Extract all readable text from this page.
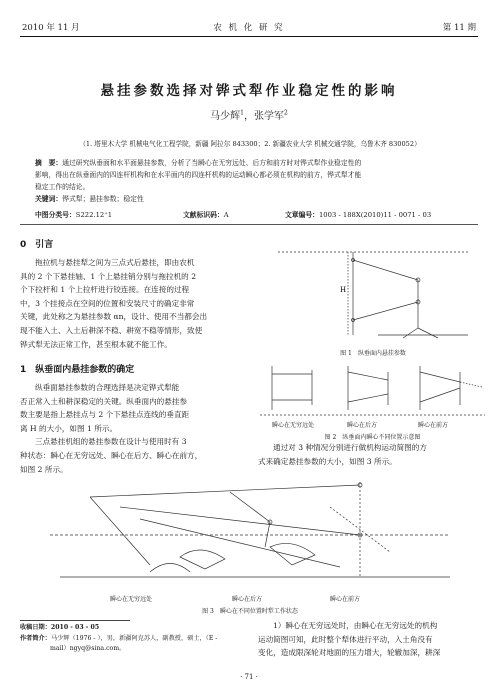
2010 年 11 月	农 机 化 研 究	第 11 期
悬挂参数选择对铧式犁作业稳定性的影响
马少辉$^1$，张学军$^2$
（1. 塔里木大学 机械电气化工程学院，新疆 阿拉尔 843300；2. 新疆农业大学 机械交通学院，乌鲁木齐 830052）
摘　要：通过研究纵垂面和水平面悬挂参数，分析了当瞬心在无穷远处、后方和前方时对铧式犁作业稳定性的
影响，得出在纵垂面内的四连杆机构和在水平面内的四连杆机构的运动瞬心都必须在机构的前方，铧式犁才能
稳定工作的结论。
关键词：铧式犁；悬挂参数；稳定性
中图分类号：S222.12⁺1	文献标识码：A	文章编号：1003 - 188X(2010)11 - 0071 - 03
0　引言
拖拉机与悬挂犁之间为三点式后悬挂，即由农机
具的 2 个下悬挂轴、1 个上悬挂销分别与拖拉机的 2
个下拉杆和 1 个上拉杆进行铰连接。在连接的过程
中，3 个挂接点在空间的位置和安装尺寸的确定非常
关键，此处称之为悬挂参数 αn，设计、使用不当都会出
现不能入土、入土后耕深不稳、耕宽不稳等情形，致使
铧式犁无法正常工作，甚至根本就不能工作。
1　纵垂面内悬挂参数的确定
纵垂面悬挂参数的合理选择是决定铧式犁能
否正常入土和耕深稳定的关键。纵垂面内的悬挂参
数主要是指上悬挂点与 2 个下悬挂点连线的垂直距
离 H 的大小，如图 1 所示。
三点悬挂机组的悬挂参数在设计与使用时有 3
种状态：瞬心在无穷远处、瞬心在后方、瞬心在前方，
如图 2 所示。
H
图 1　纵垂面内悬挂参数
瞬心在无穷远处	瞬心在后方	瞬心在前方
图 2　纵垂面内瞬心不同位置示意图
通过对 3 种情况分别进行做机构运动简图的方
式来确定悬挂参数的大小，如图 3 所示。
瞬心在无穷远处	瞬心在后方	瞬心在前方
图 3　瞬心在不同位置时犁工作状态
1）瞬心在无穷远处时，由瞬心在无穷远处的机构
运动简图可知，此时整个犁体进行平动，入土角没有
变化，造成限深轮对地面的压力增大，轮辙加深，耕深
收稿日期：2010 - 03 - 05
作者简介：马少辉（1976 - ），男，新疆阿克苏人，副教授，硕士，（E -
mail）ngyq@sina.com。
· 71 ·
